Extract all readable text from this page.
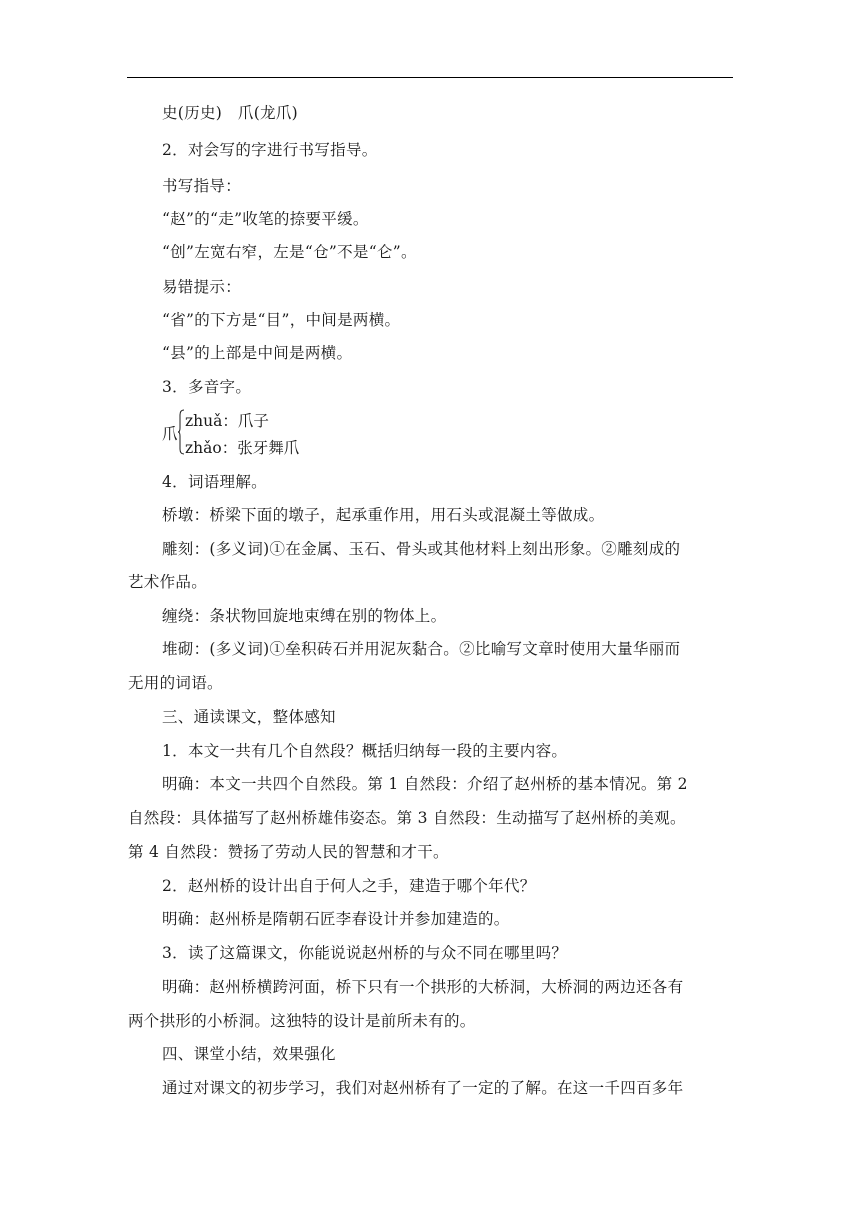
史(历史)　爪(龙爪)
2．对会写的字进行书写指导。
书写指导：
“赵”的“走”收笔的捺要平缓。
“创”左宽右窄，左是“仓”不是“仑”。
易错提示：
“省”的下方是“目”，中间是两横。
“县”的上部是中间是两横。
3．多音字。
爪
zhuǎ：爪子
zhǎo：张牙舞爪
4．词语理解。
桥墩：桥梁下面的墩子，起承重作用，用石头或混凝土等做成。
雕刻：(多义词)①在金属、玉石、骨头或其他材料上刻出形象。②雕刻成的
艺术作品。
缠绕：条状物回旋地束缚在别的物体上。
堆砌：(多义词)①垒积砖石并用泥灰黏合。②比喻写文章时使用大量华丽而
无用的词语。
三、通读课文，整体感知
1．本文一共有几个自然段？概括归纳每一段的主要内容。
明确：本文一共四个自然段。第 1 自然段：介绍了赵州桥的基本情况。第 2
自然段：具体描写了赵州桥雄伟姿态。第 3 自然段：生动描写了赵州桥的美观。
第 4 自然段：赞扬了劳动人民的智慧和才干。
2．赵州桥的设计出自于何人之手，建造于哪个年代？
明确：赵州桥是隋朝石匠李春设计并参加建造的。
3．读了这篇课文，你能说说赵州桥的与众不同在哪里吗？
明确：赵州桥横跨河面，桥下只有一个拱形的大桥洞，大桥洞的两边还各有
两个拱形的小桥洞。这独特的设计是前所未有的。
四、课堂小结，效果强化
通过对课文的初步学习，我们对赵州桥有了一定的了解。在这一千四百多年
